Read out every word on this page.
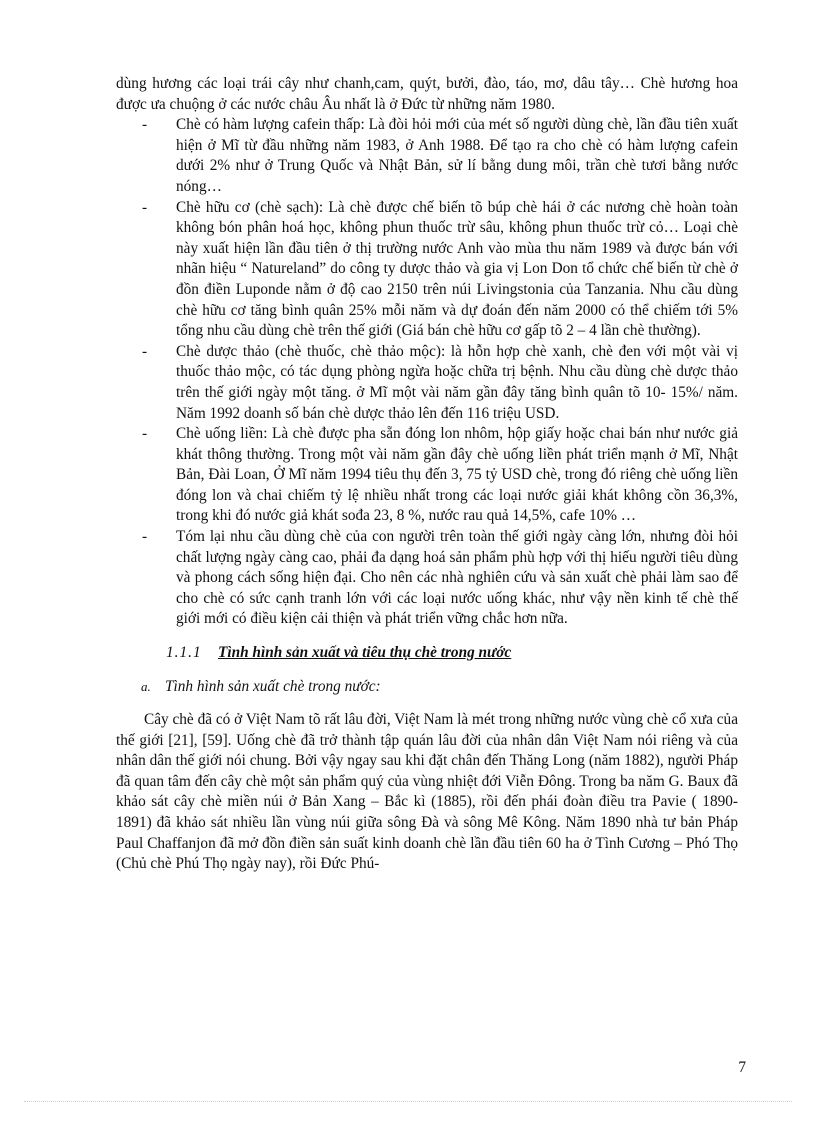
dùng hương các loại trái cây như chanh,cam, quýt, bưởi, đào, táo, mơ, dâu tây… Chè hương hoa được ưa chuộng ở các nước châu Âu nhất là ở Đức từ những năm 1980.

- Chè có hàm lượng cafein thấp: Là đòi hỏi mới của mét số người dùng chè, lần đầu tiên xuất hiện ở Mĩ từ đầu những năm 1983, ở Anh 1988. Để tạo ra cho chè có hàm lượng cafein dưới 2% như ở Trung Quốc và Nhật Bản, sử lí bằng dung môi, trần chè tươi bằng nước nóng…
- Chè hữu cơ (chè sạch): Là chè được chế biến tõ búp chè hái ở các nương chè hoàn toàn không bón phân hoá học, không phun thuốc trừ sâu, không phun thuốc trừ cỏ… Loại chè này xuất hiện lần đầu tiên ở thị trường nước Anh vào mùa thu năm 1989 và được bán với nhãn hiệu “ Natureland” do công ty dược thảo và gia vị Lon Don tổ chức chế biến từ chè ở đồn điền Luponde nằm ở độ cao 2150 trên núi Livingstonia của Tanzania. Nhu cầu dùng chè hữu cơ tăng bình quân 25% mỗi năm và dự đoán đến năm 2000 có thể chiếm tới 5% tổng nhu cầu dùng chè trên thế giới (Giá bán chè hữu cơ gấp tõ 2 – 4 lần chè thường).
- Chè dược thảo (chè thuốc, chè thảo mộc): là hỗn hợp chè xanh, chè đen với một vài vị thuốc thảo mộc, có tác dụng phòng ngừa hoặc chữa trị bệnh. Nhu cầu dùng chè dược thảo trên thế giới ngày một tăng. ở Mĩ một vài năm gần đây tăng bình quân tõ 10- 15%/ năm. Năm 1992 doanh số bán chè dược thảo lên đến 116 triệu USD.
- Chè uống liền: Là chè được pha sẵn đóng lon nhôm, hộp giấy hoặc chai bán như nước giả khát thông thường. Trong một vài năm gần đây chè uống liền phát triển mạnh ở Mĩ, Nhật Bản, Đài Loan, Ở Mĩ năm 1994 tiêu thụ đến 3, 75 tỷ USD chè, trong đó riêng chè uống liền đóng lon và chai chiếm tỷ lệ nhiều nhất trong các loại nước giải khát không cồn 36,3%, trong khi đó nước giả khát sođa 23, 8 %, nước rau quả 14,5%, cafe 10% …
- Tóm lại nhu cầu dùng chè của con người trên toàn thế giới ngày càng lớn, nhưng đòi hỏi chất lượng ngày càng cao, phải đa dạng hoá sản phẩm phù hợp với thị hiếu người tiêu dùng và phong cách sống hiện đại. Cho nên các nhà nghiên cứu và sản xuất chè phải làm sao để cho chè có sức cạnh tranh lớn với các loại nước uống khác, như vậy nền kinh tế chè thế giới mới có điều kiện cải thiện và phát triển vững chắc hơn nữa.
1.1.1	Tình hình sản xuất và tiêu thụ chè trong nước
a. Tình hình sản xuất chè trong nước:

Cây chè đã có ở Việt Nam tõ rất lâu đời, Việt Nam là mét trong những nước vùng chè cổ xưa của thế giới [21], [59]. Uống chè đã trở thành tập quán lâu đời của nhân dân Việt Nam nói riêng và của nhân dân thế giới nói chung. Bởi vậy ngay sau khi đặt chân đến Thăng Long (năm 1882), người Pháp đã quan tâm đến cây chè một sản phẩm quý của vùng nhiệt đới Viễn Đông. Trong ba năm G. Baux đã khảo sát cây chè miền núi ở Bản Xang – Bắc kì (1885), rồi đến phái đoàn điều tra Pavie ( 1890- 1891) đã khảo sát nhiều lần vùng núi giữa sông Đà và sông Mê Kông. Năm 1890 nhà tư bản Pháp Paul Chaffanjon đã mở đồn điền sản suất kinh doanh chè lần đầu tiên 60 ha ở Tình Cương – Phó Thọ (Chủ chè Phú Thọ ngày nay), rồi Đức Phú-

7
